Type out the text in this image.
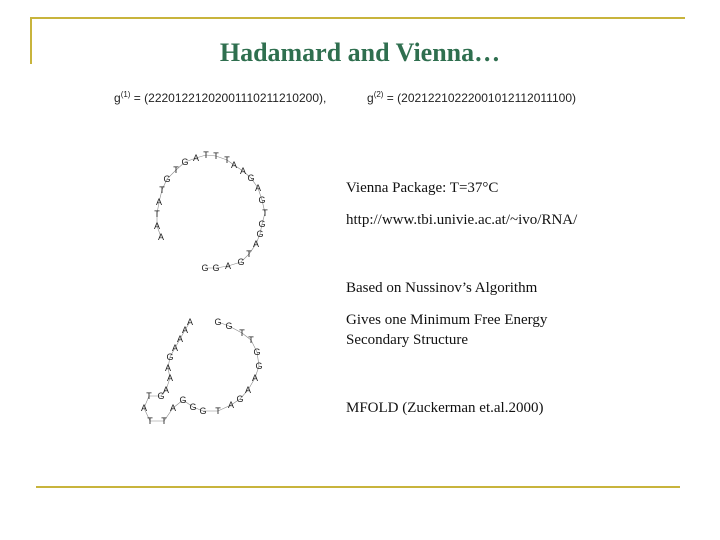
Hadamard and Vienna…
$g^{(1)} = (22201221202001110211210200)$,	$g^{(2)} = (20212210222001012112011100)$
A
A
T
A
T
G
T
G A T T T A
A
G
A
G
T
G
G
A
T
G
A
G
G
A
A
A
A
G
A
A
A
G
T
A
T T
A
G
G G T
A
G
A
A
G
G
T
T
G
G
Vienna Package: T=37°C
http://www.tbi.univie.ac.at/~ivo/RNA/
Based on Nussinov’s Algorithm
Gives one Minimum Free Energy
Secondary Structure
MFOLD (Zuckerman et.al.2000)
